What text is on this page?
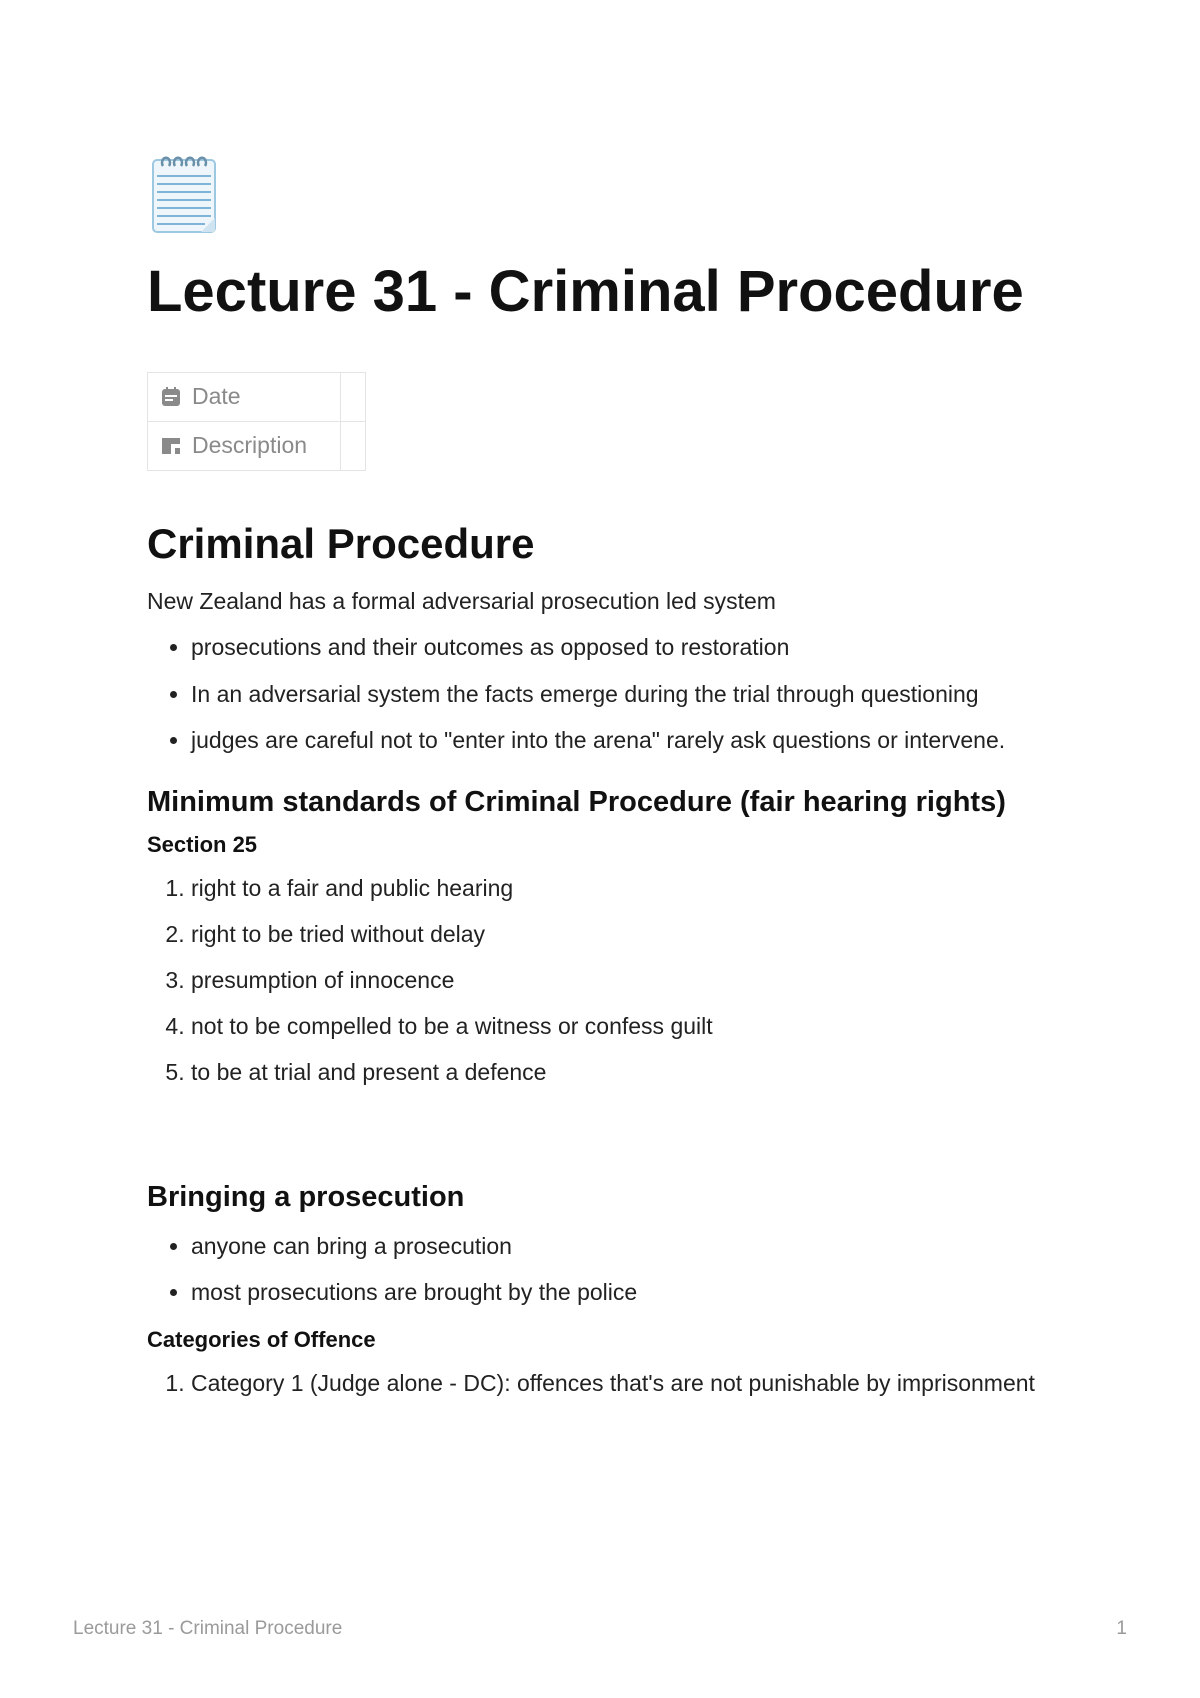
Lecture 31 - Criminal Procedure
Date	

Description	

Criminal Procedure

New Zealand has a formal adversarial prosecution led system

• prosecutions and their outcomes as opposed to restoration
• In an adversarial system the facts emerge during the trial through questioning
• judges are careful not to "enter into the arena" rarely ask questions or intervene.
Minimum standards of Criminal Procedure (fair hearing rights)
Section 25
1. right to a fair and public hearing
2. right to be tried without delay
3. presumption of innocence
4. not to be compelled to be a witness or confess guilt
5. to be at trial and present a defence
Bringing a prosecution
• anyone can bring a prosecution
• most prosecutions are brought by the police
Categories of Offence
1. Category 1 (Judge alone - DC): offences that's are not punishable by imprisonment
Lecture 31 - Criminal Procedure	1
